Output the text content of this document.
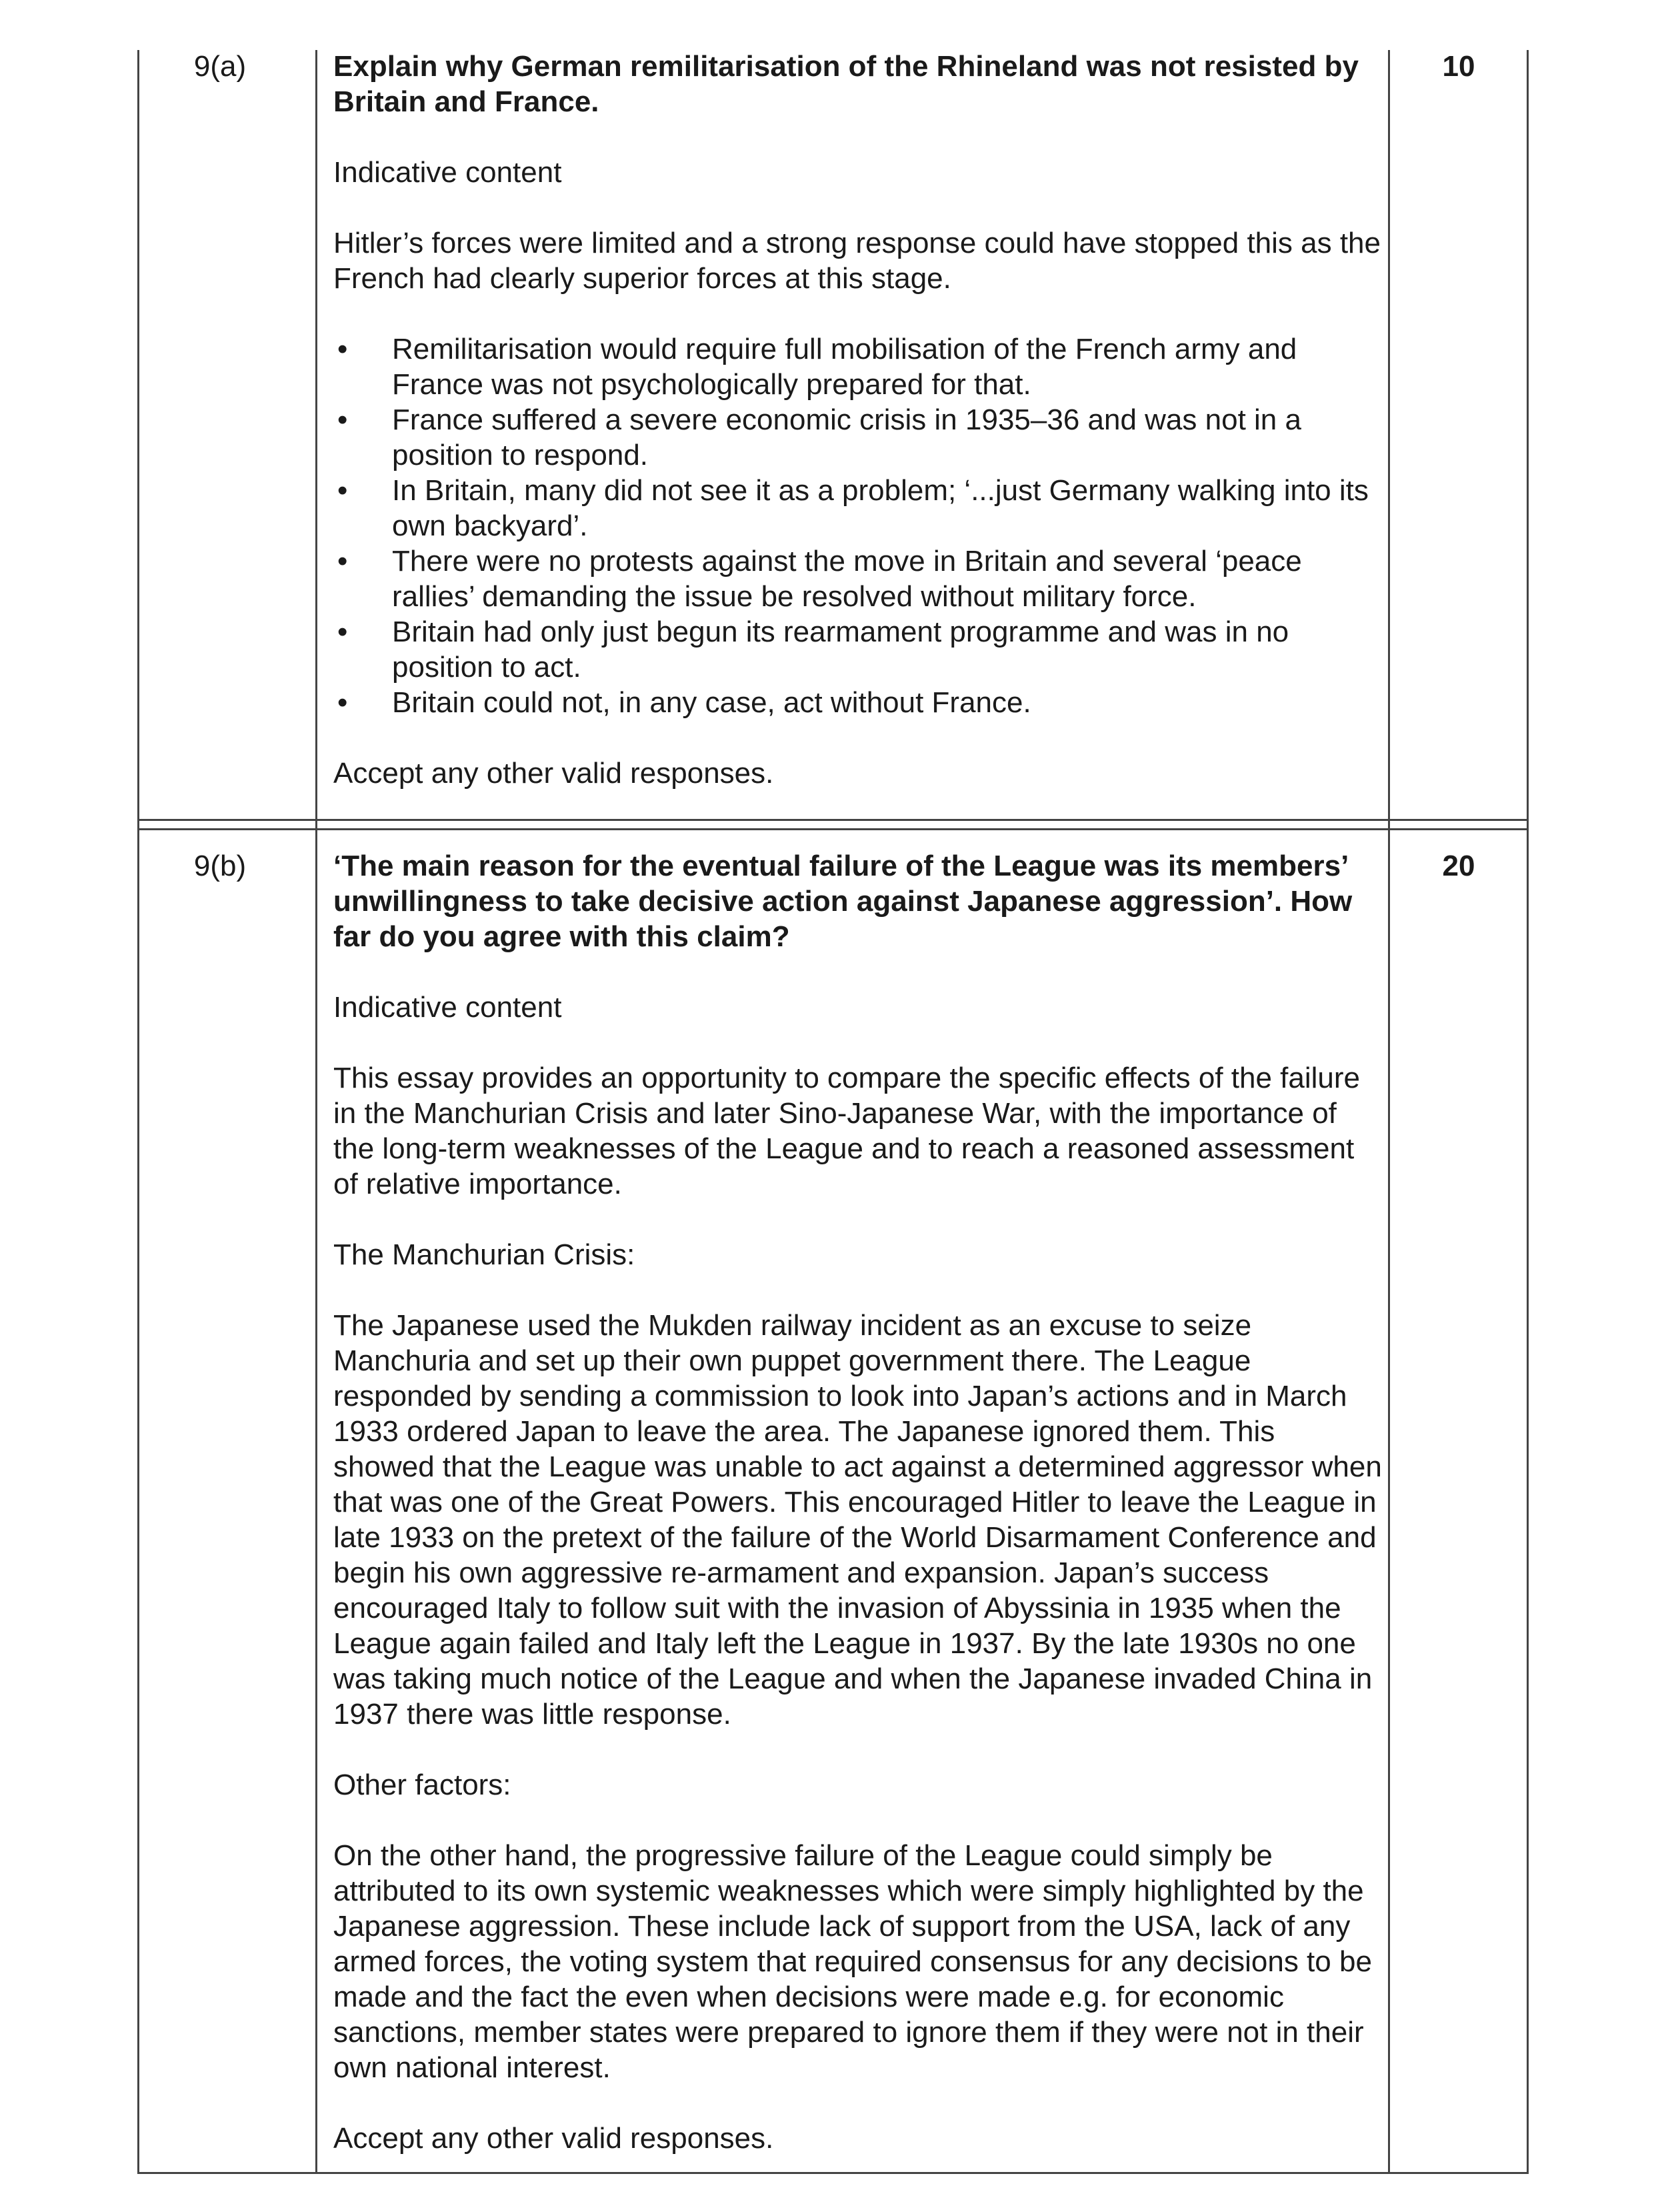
9(a)	10

Explain why German remilitarisation of the Rhineland was not resisted by Britain and France.

Indicative content

Hitler’s forces were limited and a strong response could have stopped this as the French had clearly superior forces at this stage.

• Remilitarisation would require full mobilisation of the French army and France was not psychologically prepared for that.
• France suffered a severe economic crisis in 1935–36 and was not in a position to respond.
• In Britain, many did not see it as a problem; ‘...just Germany walking into its own backyard’.
• There were no protests against the move in Britain and several ‘peace rallies’ demanding the issue be resolved without military force.
• Britain had only just begun its rearmament programme and was in no position to act.
• Britain could not, in any case, act without France.

Accept any other valid responses.

9(b)	20

‘The main reason for the eventual failure of the League was its members’ unwillingness to take decisive action against Japanese aggression’. How far do you agree with this claim?

Indicative content

This essay provides an opportunity to compare the specific effects of the failure in the Manchurian Crisis and later Sino-Japanese War, with the importance of the long-term weaknesses of the League and to reach a reasoned assessment of relative importance.

The Manchurian Crisis:

The Japanese used the Mukden railway incident as an excuse to seize Manchuria and set up their own puppet government there. The League responded by sending a commission to look into Japan’s actions and in March 1933 ordered Japan to leave the area. The Japanese ignored them. This showed that the League was unable to act against a determined aggressor when that was one of the Great Powers. This encouraged Hitler to leave the League in late 1933 on the pretext of the failure of the World Disarmament Conference and begin his own aggressive re-armament and expansion. Japan’s success encouraged Italy to follow suit with the invasion of Abyssinia in 1935 when the League again failed and Italy left the League in 1937. By the late 1930s no one was taking much notice of the League and when the Japanese invaded China in 1937 there was little response.

Other factors:

On the other hand, the progressive failure of the League could simply be attributed to its own systemic weaknesses which were simply highlighted by the Japanese aggression. These include lack of support from the USA, lack of any armed forces, the voting system that required consensus for any decisions to be made and the fact the even when decisions were made e.g. for economic sanctions, member states were prepared to ignore them if they were not in their own national interest.

Accept any other valid responses.
